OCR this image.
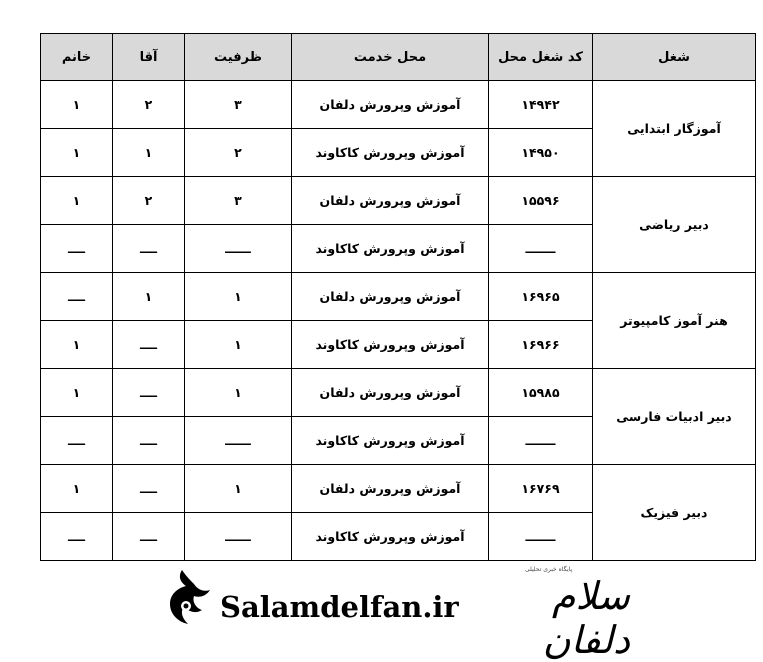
شغل	کد شغل محل	محل خدمت	ظرفیت	آقا	خانم
آموزگار ابتدایی	۱۴۹۴۲	آموزش وپرورش دلفان	۳	۲	۱
	۱۴۹۵۰	آموزش وپرورش کاکاوند	۲	۱	۱
دبیر ریاضی	۱۵۵۹۶	آموزش وپرورش دلفان	۳	۲	۱
	ـــــــ	آموزش وپرورش کاکاوند	ــــــ	ــــ	ــــ
هنر آموز کامپیوتر	۱۶۹۶۵	آموزش وپرورش دلفان	۱	۱	ــــ
	۱۶۹۶۶	آموزش وپرورش کاکاوند	۱	ــــ	۱
دبیر ادبیات فارسی	۱۵۹۸۵	آموزش وپرورش دلفان	۱	ــــ	۱
	ـــــــ	آموزش وپرورش کاکاوند	ــــــ	ــــ	ــــ
دبیر فیزیک	۱۶۷۶۹	آموزش وپرورش دلفان	۱	ــــ	۱
	ـــــــ	آموزش وپرورش کاکاوند	ــــــ	ــــ	ــــ
Salamdelfan.ir	سلام دلفان
پایگاه خبری تحلیلی
